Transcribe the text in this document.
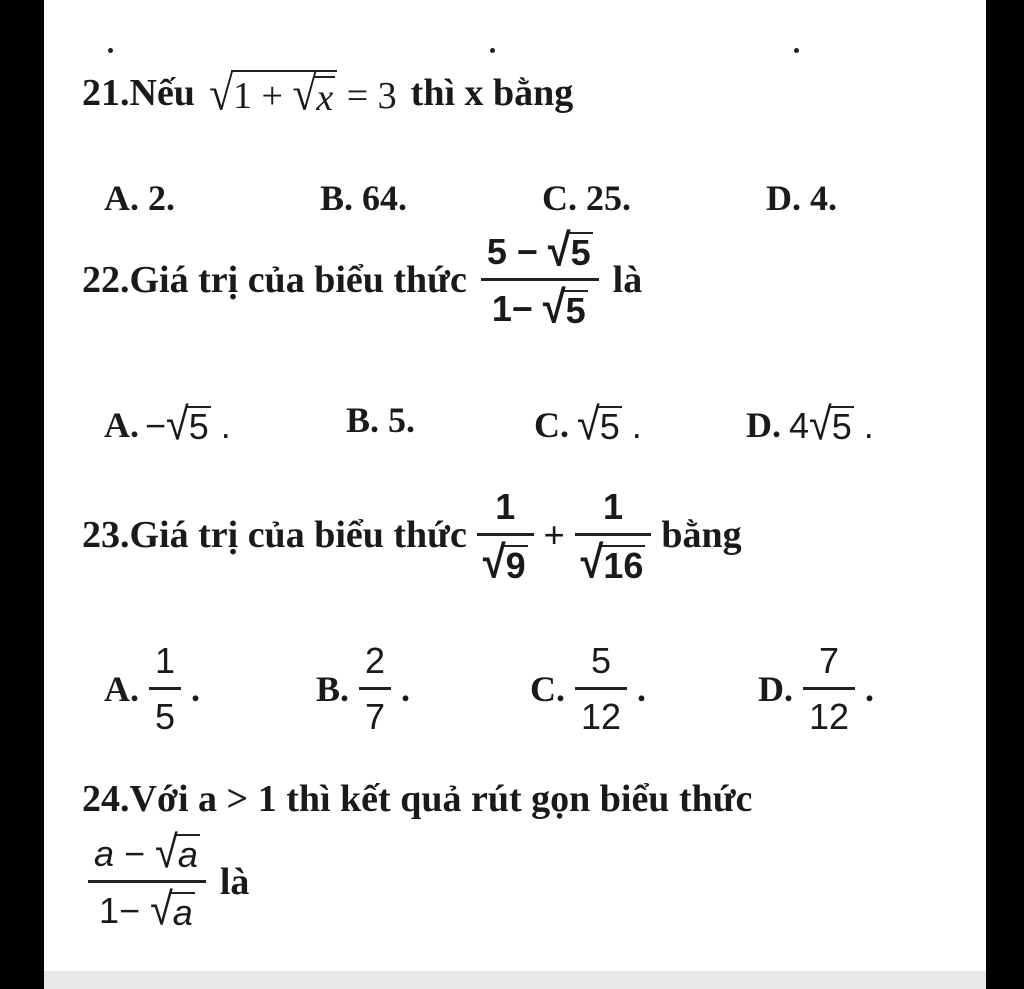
21.Nếu √ 1 + √ x = 3 thì x bằng
A. 2.	B. 64.	C. 25.	D. 4.
22.Giá trị của biểu thức $\frac{5 - √ 5}{1- √ 5}$ là
A. − √ 5 .	B. 5.	C. √ 5 .	D. 4 √ 5 .
23.Giá trị của biểu thức $\frac{1}{√ 9} + \frac{1}{√ 16}$ bằng
A. $\frac{1}{5}$ .	B. $\frac{2}{7}$ .	C. $\frac{5}{12}$ .	D. $\frac{7}{12}$ .
24.Với a > 1 thì kết quả rút gọn biểu thức
$\frac{a - √ a}{1- √ a}$ là
